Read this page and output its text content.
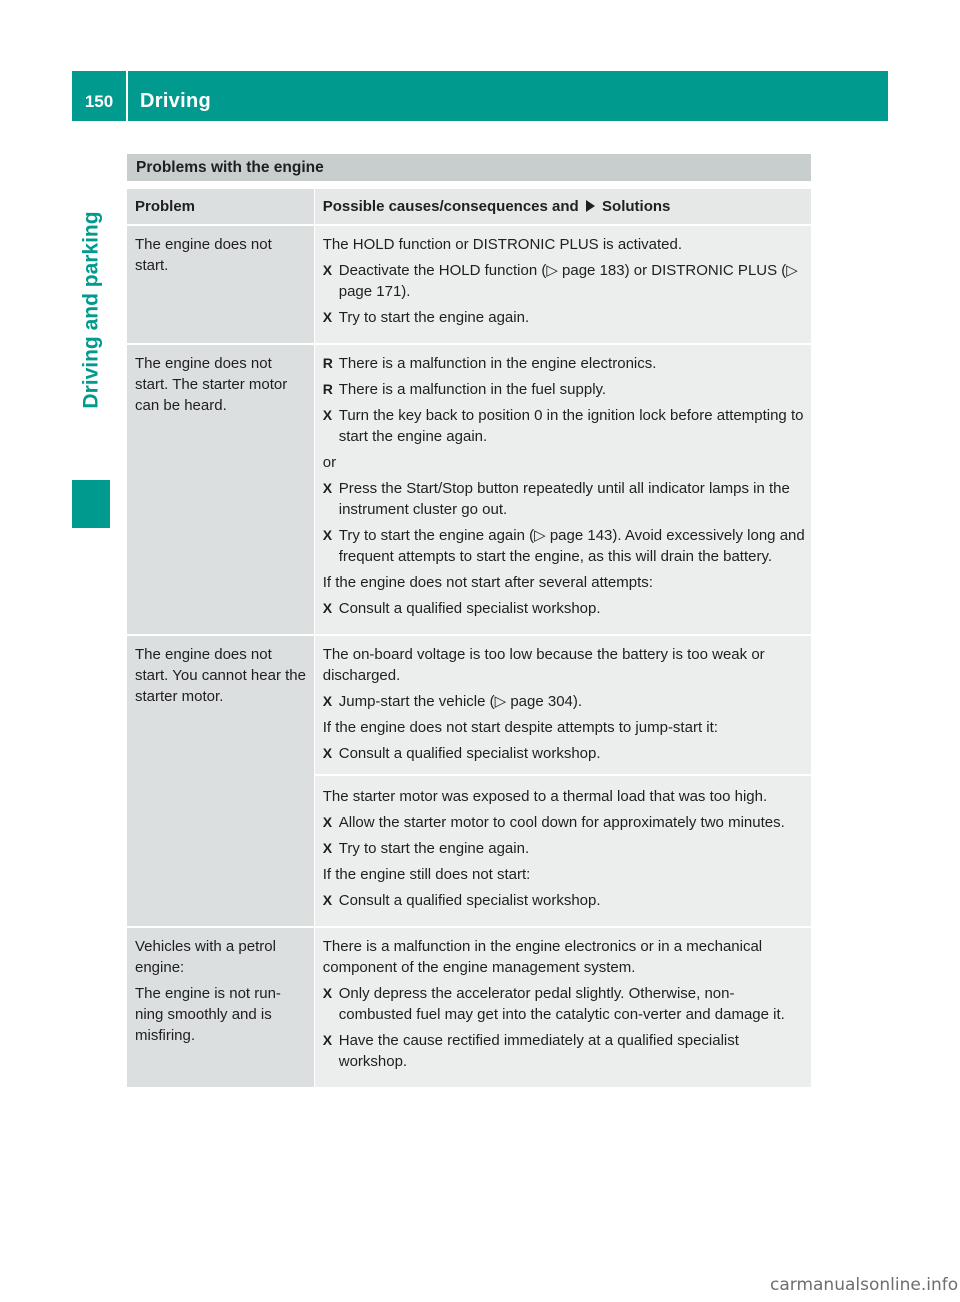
150	Driving
Driving and parking
Problems with the engine
Problem	Possible causes/consequences and Solutions
The engine does not start.
The HOLD function or DISTRONIC PLUS is activated.
X Deactivate the HOLD function (▷ page 183) or DISTRONIC PLUS (▷ page 171).
X Try to start the engine again.
The engine does not start. The starter motor can be heard.
R There is a malfunction in the engine electronics.
R There is a malfunction in the fuel supply.
X Turn the key back to position 0 in the ignition lock before attempting to start the engine again.
or
X Press the Start/Stop button repeatedly until all indicator lamps in the instrument cluster go out.
X Try to start the engine again (▷ page 143). Avoid excessively long and frequent attempts to start the engine, as this will drain the battery.
If the engine does not start after several attempts:
X Consult a qualified specialist workshop.
The engine does not start. You cannot hear the starter motor.
The on-board voltage is too low because the battery is too weak or discharged.
X Jump-start the vehicle (▷ page 304).
If the engine does not start despite attempts to jump-start it:
X Consult a qualified specialist workshop.
The starter motor was exposed to a thermal load that was too high.
X Allow the starter motor to cool down for approximately two minutes.
X Try to start the engine again.
If the engine still does not start:
X Consult a qualified specialist workshop.
Vehicles with a petrol engine:
The engine is not run-ning smoothly and is misfiring.
There is a malfunction in the engine electronics or in a mechanical component of the engine management system.
X Only depress the accelerator pedal slightly. Otherwise, non-combusted fuel may get into the catalytic con-verter and damage it.
X Have the cause rectified immediately at a qualified specialist workshop.
carmanualsonline.info
